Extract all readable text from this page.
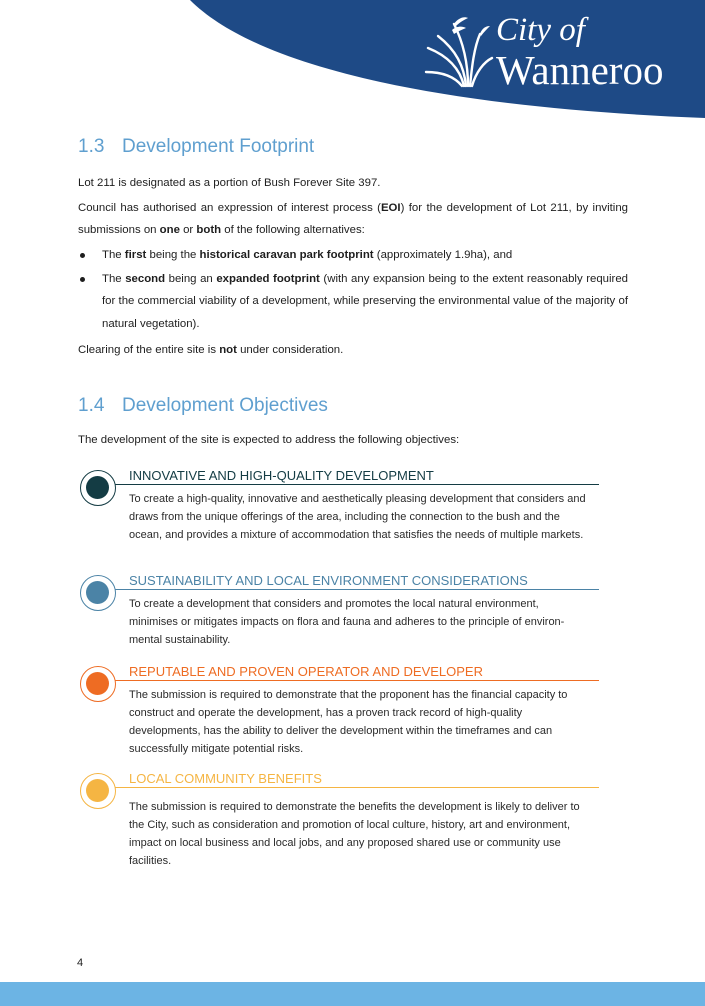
City of
Wanneroo
1.3 Development Footprint

Lot 211 is designated as a portion of Bush Forever Site 397.

Council has authorised an expression of interest process (EOI) for the development of Lot 211, by inviting submissions on one or both of the following alternatives:

The first being the historical caravan park footprint (approximately 1.9ha), and
The second being an expanded footprint (with any expansion being to the extent reasonably required for the commercial viability of a development, while preserving the environmental value of the majority of natural vegetation).

Clearing of the entire site is not under consideration.

1.4 Development Objectives

The development of the site is expected to address the following objectives:

INNOVATIVE AND HIGH-QUALITY DEVELOPMENT

To create a high-quality, innovative and aesthetically pleasing development that considers and draws from the unique offerings of the area, including the connection to the bush and the ocean, and provides a mixture of accommodation that satisfies the needs of multiple markets.

SUSTAINABILITY AND LOCAL ENVIRONMENT CONSIDERATIONS

To create a development that considers and promotes the local natural environment, minimises or mitigates impacts on flora and fauna and adheres to the principle of environ-mental sustainability.

REPUTABLE AND PROVEN OPERATOR AND DEVELOPER

The submission is required to demonstrate that the proponent has the financial capacity to construct and operate the development, has a proven track record of high-quality developments, has the ability to deliver the development within the timeframes and can successfully mitigate potential risks.

LOCAL COMMUNITY BENEFITS

The submission is required to demonstrate the benefits the development is likely to deliver to the City, such as consideration and promotion of local culture, history, art and environment, impact on local business and local jobs, and any proposed shared use or community use facilities.

4
